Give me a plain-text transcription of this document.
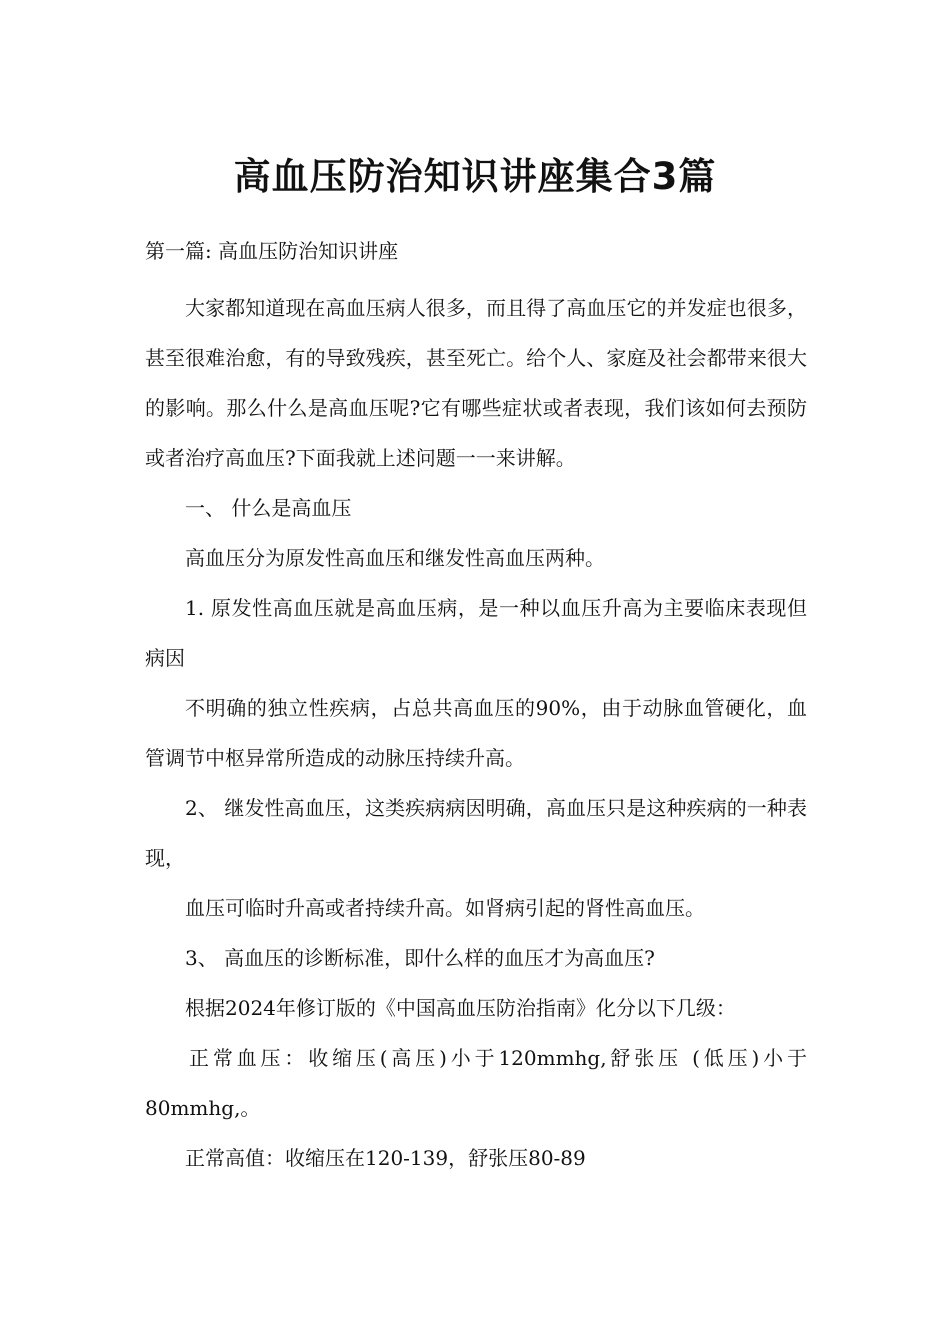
高血压防治知识讲座集合3篇
第一篇: 高血压防治知识讲座

大家都知道现在高血压病人很多，而且得了高血压它的并发症也很多，甚至很难治愈，有的导致残疾，甚至死亡。给个人、家庭及社会都带来很大的影响。那么什么是高血压呢?它有哪些症状或者表现，我们该如何去预防或者治疗高血压?下面我就上述问题一一来讲解。

一、 什么是高血压

高血压分为原发性高血压和继发性高血压两种。

1. 原发性高血压就是高血压病，是一种以血压升高为主要临床表现但病因

不明确的独立性疾病，占总共高血压的90%，由于动脉血管硬化，血管调节中枢异常所造成的动脉压持续升高。

2、 继发性高血压，这类疾病病因明确，高血压只是这种疾病的一种表现，

血压可临时升高或者持续升高。如肾病引起的肾性高血压。

3、 高血压的诊断标准，即什么样的血压才为高血压?

根据2024年修订版的《中国高血压防治指南》化分以下几级：

正常血压：收缩压(高压)小于120mmhg,舒张压 (低压)小于80mmhg,。

正常高值：收缩压在120-139，舒张压80-89
